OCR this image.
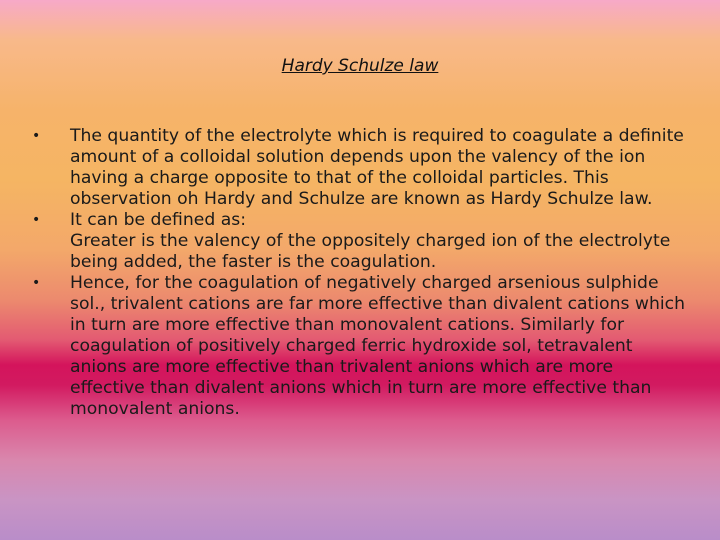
Hardy Schulze law
• The quantity of the electrolyte which is required to coagulate a definite amount of a colloidal solution depends upon the valency of the ion having a charge opposite to that of the colloidal particles. This observation oh Hardy and Schulze are known as Hardy Schulze law.
• It can be defined as:
Greater is the valency of the oppositely charged ion of the electrolyte being added, the faster is the coagulation.
• Hence, for the coagulation of negatively charged arsenious sulphide sol., trivalent cations are far more effective than divalent cations which in turn are more effective than monovalent cations. Similarly for coagulation of positively charged ferric hydroxide sol, tetravalent anions are more effective than trivalent anions which are more effective than divalent anions which in turn are more effective than monovalent anions.
